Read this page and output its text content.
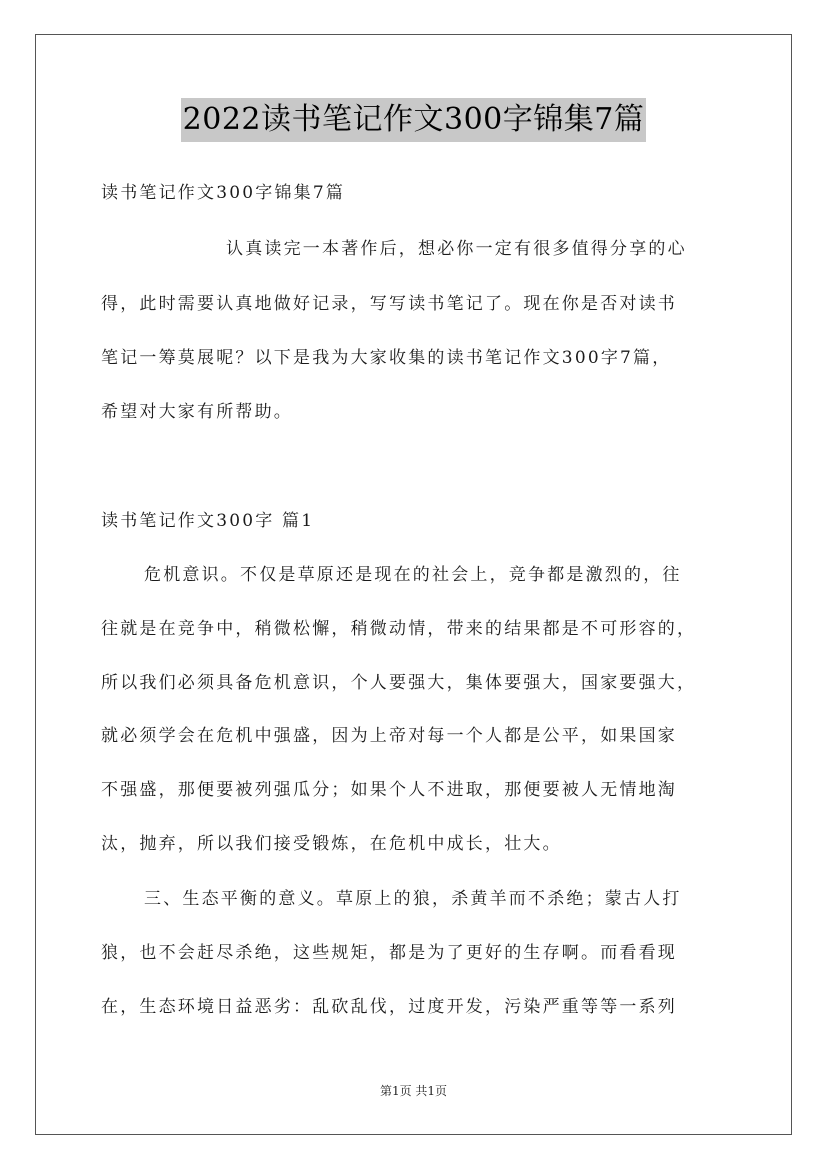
2022读书笔记作文300字锦集7篇
读书笔记作文300字锦集7篇
认真读完一本著作后，想必你一定有很多值得分享的心
得，此时需要认真地做好记录，写写读书笔记了。现在你是否对读书
笔记一筹莫展呢？以下是我为大家收集的读书笔记作文300字7篇，
希望对大家有所帮助。
读书笔记作文300字 篇1
危机意识。不仅是草原还是现在的社会上，竞争都是激烈的，往
往就是在竞争中，稍微松懈，稍微动情，带来的结果都是不可形容的，
所以我们必须具备危机意识，个人要强大，集体要强大，国家要强大，
就必须学会在危机中强盛，因为上帝对每一个人都是公平，如果国家
不强盛，那便要被列强瓜分；如果个人不进取，那便要被人无情地淘
汰，抛弃，所以我们接受锻炼，在危机中成长，壮大。
三、生态平衡的意义。草原上的狼，杀黄羊而不杀绝；蒙古人打
狼，也不会赶尽杀绝，这些规矩，都是为了更好的生存啊。而看看现
在，生态环境日益恶劣：乱砍乱伐，过度开发，污染严重等等一系列
第1页 共1页
